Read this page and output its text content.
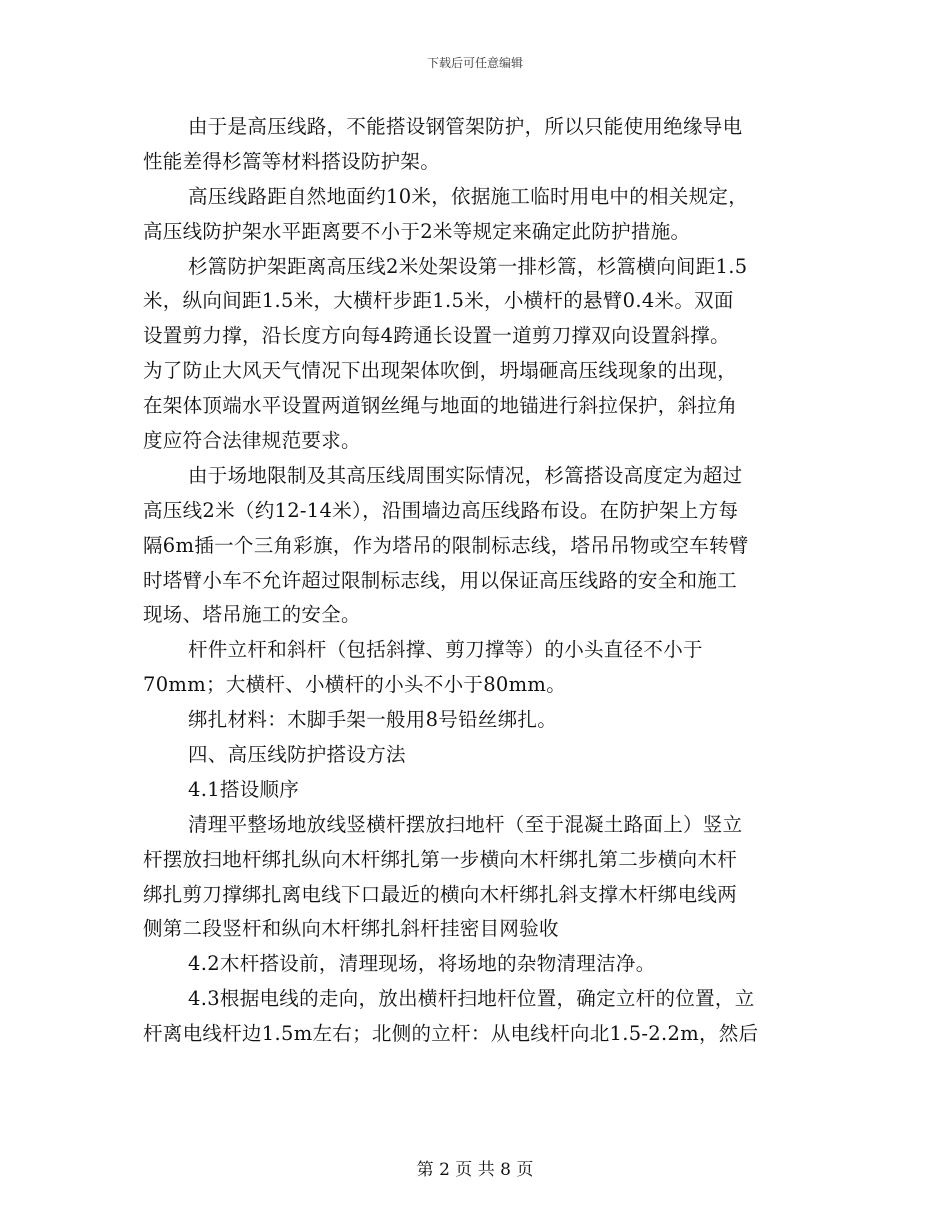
下载后可任意编辑
由于是高压线路，不能搭设钢管架防护，所以只能使用绝缘导电
性能差得杉篙等材料搭设防护架。
高压线路距自然地面约10米，依据施工临时用电中的相关规定，
高压线防护架水平距离要不小于2米等规定来确定此防护措施。
杉篙防护架距离高压线2米处架设第一排杉篙，杉篙横向间距1.5
米，纵向间距1.5米，大横杆步距1.5米，小横杆的悬臂0.4米。双面
设置剪力撑，沿长度方向每4跨通长设置一道剪刀撑双向设置斜撑。
为了防止大风天气情况下出现架体吹倒，坍塌砸高压线现象的出现，
在架体顶端水平设置两道钢丝绳与地面的地锚进行斜拉保护，斜拉角
度应符合法律规范要求。
由于场地限制及其高压线周围实际情况，杉篙搭设高度定为超过
高压线2米（约12-14米），沿围墙边高压线路布设。在防护架上方每
隔6m插一个三角彩旗，作为塔吊的限制标志线，塔吊吊物或空车转臂
时塔臂小车不允许超过限制标志线，用以保证高压线路的安全和施工
现场、塔吊施工的安全。
杆件立杆和斜杆（包括斜撑、剪刀撑等）的小头直径不小于
70mm；大横杆、小横杆的小头不小于80mm。
绑扎材料：木脚手架一般用8号铅丝绑扎。
四、高压线防护搭设方法
4.1搭设顺序
清理平整场地放线竖横杆摆放扫地杆（至于混凝土路面上）竖立
杆摆放扫地杆绑扎纵向木杆绑扎第一步横向木杆绑扎第二步横向木杆
绑扎剪刀撑绑扎离电线下口最近的横向木杆绑扎斜支撑木杆绑电线两
侧第二段竖杆和纵向木杆绑扎斜杆挂密目网验收
4.2木杆搭设前，清理现场，将场地的杂物清理洁净。
4.3根据电线的走向，放出横杆扫地杆位置，确定立杆的位置，立
杆离电线杆边1.5m左右；北侧的立杆：从电线杆向北1.5-2.2m，然后
第 2 页 共 8 页
